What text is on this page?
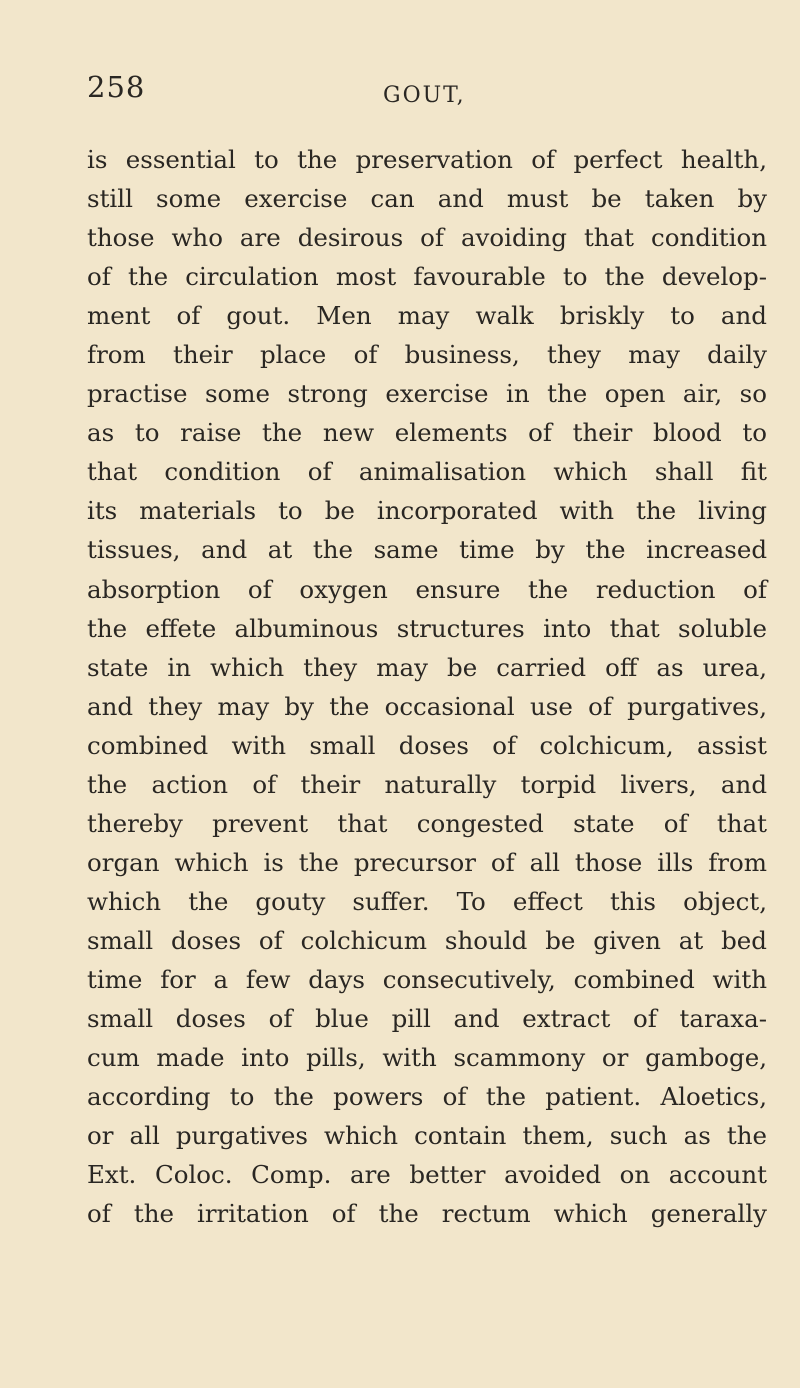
258	GOUT,
is essential to the preservation of perfect health,
still some exercise can and must be taken by
those who are desirous of avoiding that condition
of the circulation most favourable to the develop-
ment of gout. Men may walk briskly to and
from their place of business, they may daily
practise some strong exercise in the open air, so
as to raise the new elements of their blood to
that condition of animalisation which shall fit
its materials to be incorporated with the living
tissues, and at the same time by the increased
absorption of oxygen ensure the reduction of
the effete albuminous structures into that soluble
state in which they may be carried off as urea,
and they may by the occasional use of purgatives,
combined with small doses of colchicum, assist
the action of their naturally torpid livers, and
thereby prevent that congested state of that
organ which is the precursor of all those ills from
which the gouty suffer. To effect this object,
small doses of colchicum should be given at bed
time for a few days consecutively, combined with
small doses of blue pill and extract of taraxa-
cum made into pills, with scammony or gamboge,
according to the powers of the patient. Aloetics,
or all purgatives which contain them, such as the
Ext. Coloc. Comp. are better avoided on account
of the irritation of the rectum which generally
